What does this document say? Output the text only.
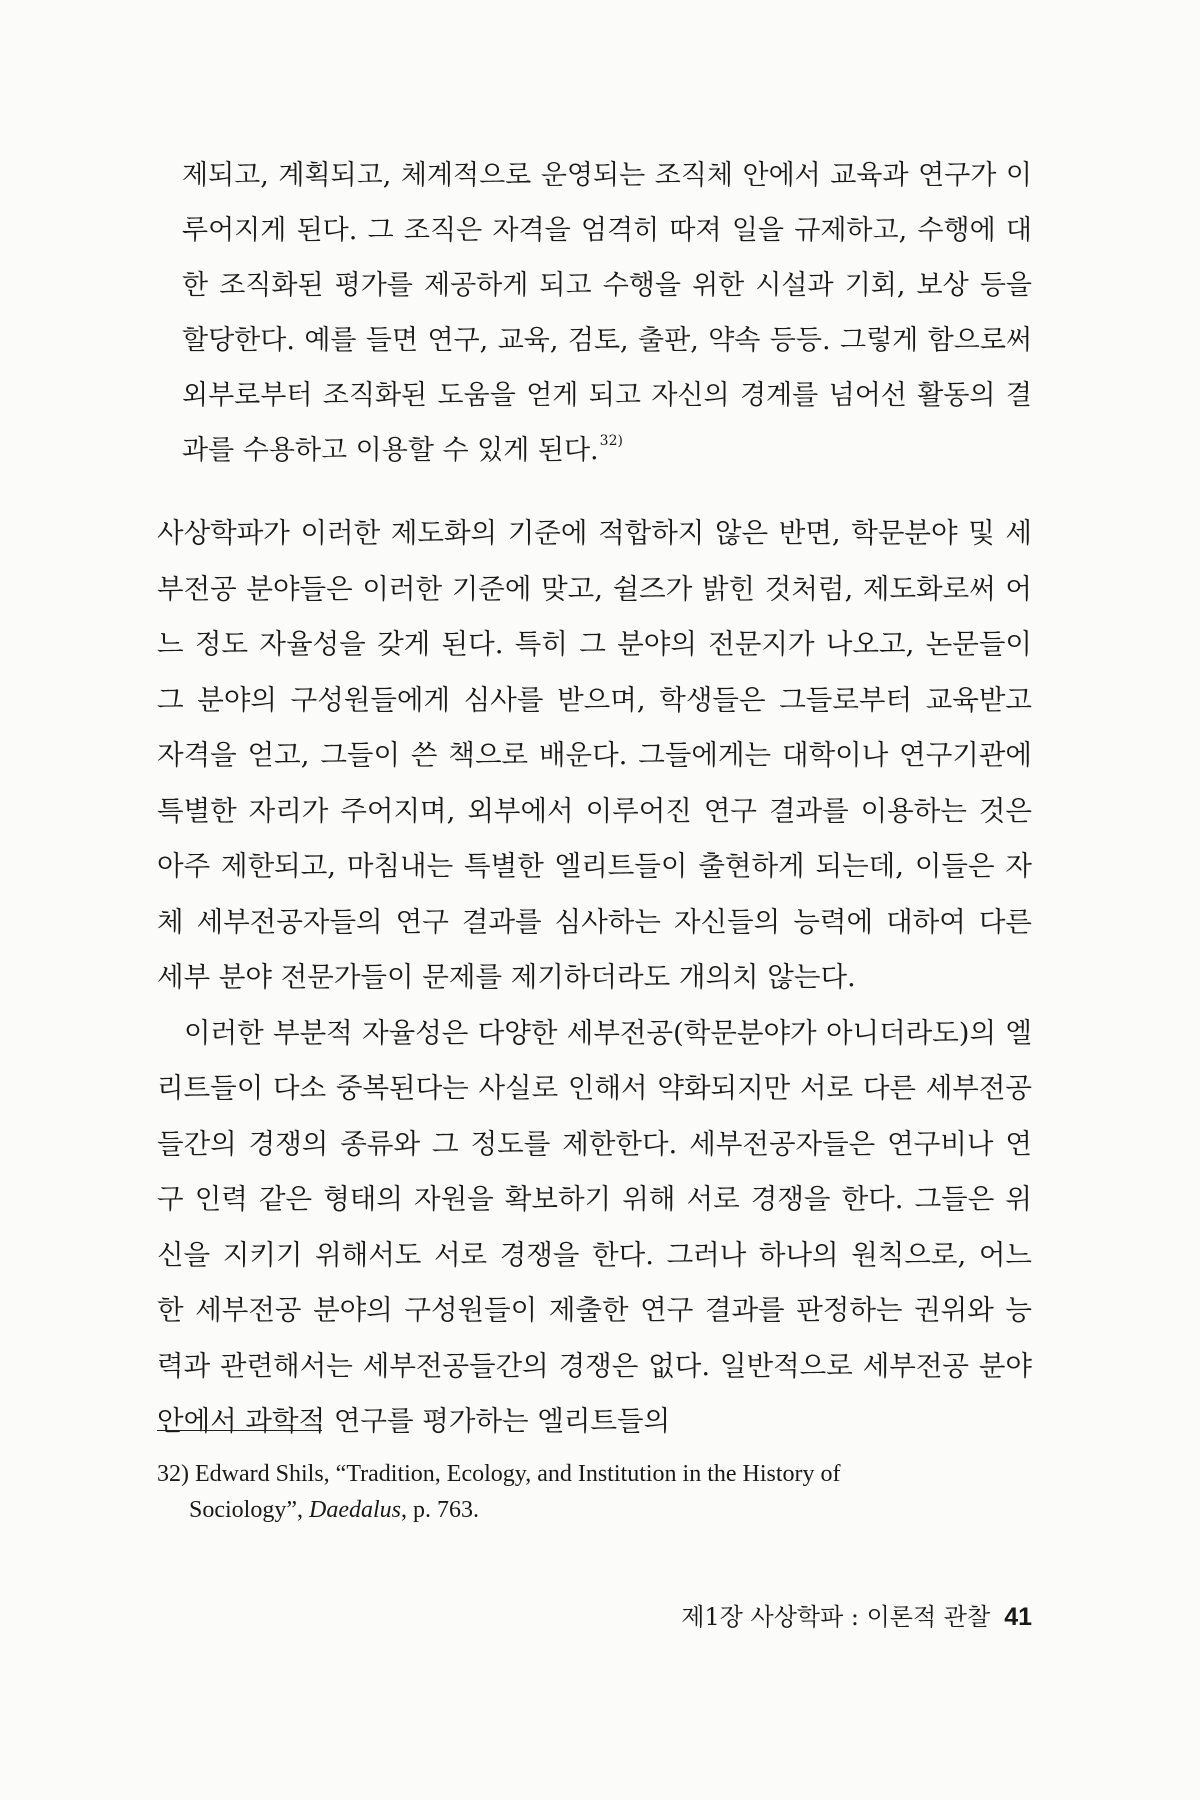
제되고, 계획되고, 체계적으로 운영되는 조직체 안에서 교육과 연구가 이루어지게 된다. 그 조직은 자격을 엄격히 따져 일을 규제하고, 수행에 대한 조직화된 평가를 제공하게 되고 수행을 위한 시설과 기회, 보상 등을 할당한다. 예를 들면 연구, 교육, 검토, 출판, 약속 등등. 그렇게 함으로써 외부로부터 조직화된 도움을 얻게 되고 자신의 경계를 넘어선 활동의 결과를 수용하고 이용할 수 있게 된다.$^{32)}$

사상학파가 이러한 제도화의 기준에 적합하지 않은 반면, 학문분야 및 세부전공 분야들은 이러한 기준에 맞고, 쉴즈가 밝힌 것처럼, 제도화로써 어느 정도 자율성을 갖게 된다. 특히 그 분야의 전문지가 나오고, 논문들이 그 분야의 구성원들에게 심사를 받으며, 학생들은 그들로부터 교육받고 자격을 얻고, 그들이 쓴 책으로 배운다. 그들에게는 대학이나 연구기관에 특별한 자리가 주어지며, 외부에서 이루어진 연구 결과를 이용하는 것은 아주 제한되고, 마침내는 특별한 엘리트들이 출현하게 되는데, 이들은 자체 세부전공자들의 연구 결과를 심사하는 자신들의 능력에 대하여 다른 세부 분야 전문가들이 문제를 제기하더라도 개의치 않는다.

이러한 부분적 자율성은 다양한 세부전공(학문분야가 아니더라도)의 엘리트들이 다소 중복된다는 사실로 인해서 약화되지만 서로 다른 세부전공들간의 경쟁의 종류와 그 정도를 제한한다. 세부전공자들은 연구비나 연구 인력 같은 형태의 자원을 확보하기 위해 서로 경쟁을 한다. 그들은 위신을 지키기 위해서도 서로 경쟁을 한다. 그러나 하나의 원칙으로, 어느 한 세부전공 분야의 구성원들이 제출한 연구 결과를 판정하는 권위와 능력과 관련해서는 세부전공들간의 경쟁은 없다. 일반적으로 세부전공 분야 안에서 과학적 연구를 평가하는 엘리트들의

32) Edward Shils, “Tradition, Ecology, and Institution in the History of
Sociology”, Daedalus, p. 763.
제1장 사상학파 : 이론적 관찰 41
